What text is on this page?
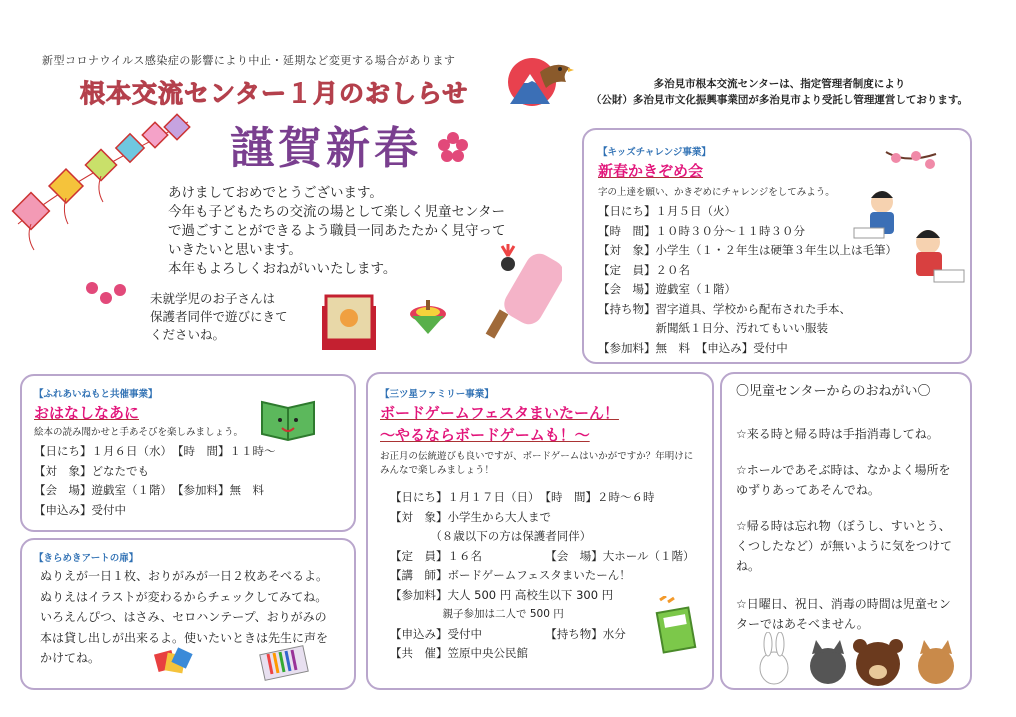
新型コロナウイルス感染症の影響により中止・延期など変更する場合があります
根本交流センター１月のおしらせ	多治見市根本交流センターは、指定管理者制度により
（公財）多治見市文化振興事業団が多治見市より受託し管理運営しております。
謹賀新春
あけましておめでとうございます。
今年も子どもたちの交流の場として楽しく児童センター
で過ごすことができるよう職員一同あたたかく見守って
いきたいと思います。
本年もよろしくおねがいいたします。
未就学児のお子さんは
保護者同伴で遊びにきて
くださいね。
【キッズチャレンジ事業】
新春かきぞめ会
字の上達を願い、かきぞめにチャレンジをしてみよう。
【日にち】１月５日（火）
【時　間】１０時３０分～１１時３０分
【対　象】小学生（１・２年生は硬筆３年生以上は毛筆）
【定　員】２０名
【会　場】遊戯室（１階）
【持ち物】習字道具、学校から配布された手本、
　　　　　新聞紙１日分、汚れてもいい服装
【参加料】無　料　【申込み】受付中
【ふれあいねもと共催事業】
おはなしなあに
絵本の読み聞かせと手あそびを楽しみましょう。
【日にち】１月６日（水）　【時　間】１１時～
【対　象】どなたでも
【会　場】遊戯室（１階）　【参加料】無　料
【申込み】受付中
【きらめきアートの扉】
ぬりえが一日１枚、おりがみが一日２枚あそべるよ。
ぬりえはイラストが変わるからチェックしてみてね。
いろえんぴつ、はさみ、セロハンテープ、おりがみの
本は貸し出しが出来るよ。使いたいときは先生に声を
かけてね。
【三ツ星ファミリー事業】
ボードゲームフェスタまいたーん！
～やるならボードゲームも！～
お正月の伝統遊びも良いですが、ボードゲームはいかがですか？年明けに
みんなで楽しみましょう！
【日にち】１月１７日（日）　【時　間】２時～６時
【対　象】小学生から大人まで
　　　　（８歳以下の方は保護者同伴）
【定　員】１６名　　　　　　【会　場】大ホール（１階）
【講　師】ボードゲームフェスタまいたーん！
【参加料】大人 500 円 高校生以下 300 円
　　　　　親子参加は二人で 500 円
【申込み】受付中　　　　　　【持ち物】水分
【共　催】笠原中央公民館
〇児童センターからのおねがい〇
☆来る時と帰る時は手指消毒してね。
☆ホールであそぶ時は、なかよく場所を
ゆずりあってあそんでね。
☆帰る時は忘れ物（ぼうし、すいとう、
くつしたなど）が無いように気をつけて
ね。
☆日曜日、祝日、消毒の時間は児童セン
ターではあそべません。
